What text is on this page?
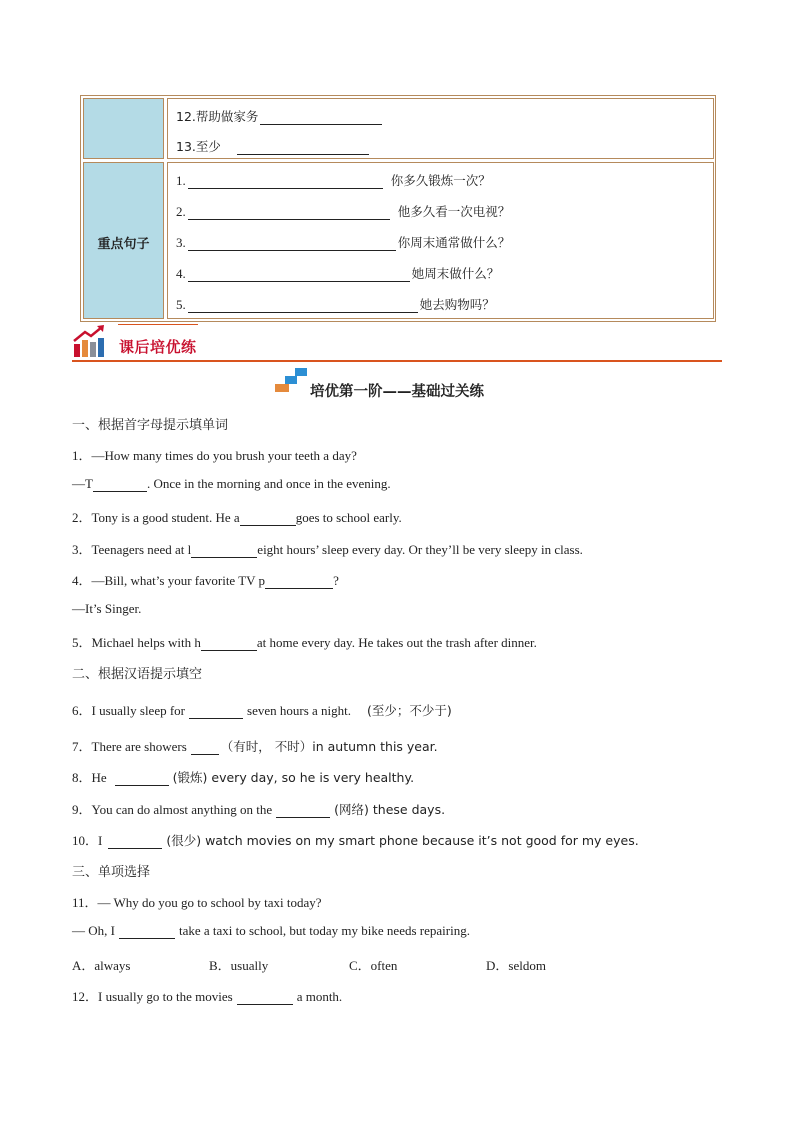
12.帮助做家务
13.至少
重点句子
1.	你多久锻炼一次？
2.	他多久看一次电视？
3.	你周末通常做什么？
4.	她周末做什么？
5.	她去购物吗？
课后培优练
培优第一阶——基础过关练
一、根据首字母提示填单词
1．—How many times do you brush your teeth a day?
—T	. Once in the morning and once in the evening.
2．Tony is a good student. He a	goes to school early.
3．Teenagers need at l	eight hours’ sleep every day. Or they’ll be very sleepy in class.
4．—Bill, what’s your favorite TV p	?
—It’s Singer.
5．Michael helps with h	at home every day. He takes out the trash after dinner.
二、根据汉语提示填空
6．I usually sleep for	seven hours a night. (至少；不少于)
7．There are showers	（有时， 不时）in autumn this year.
8．He	(锻炼) every day, so he is very healthy.
9．You can do almost anything on the	(网络) these days.
10．I	(很少) watch movies on my smart phone because it’s not good for my eyes.
三、单项选择
11．— Why do you go to school by taxi today?
— Oh, I	take a taxi to school, but today my bike needs repairing.
A．always	B．usually	C．often	D．seldom
12．I usually go to the movies	a month.
